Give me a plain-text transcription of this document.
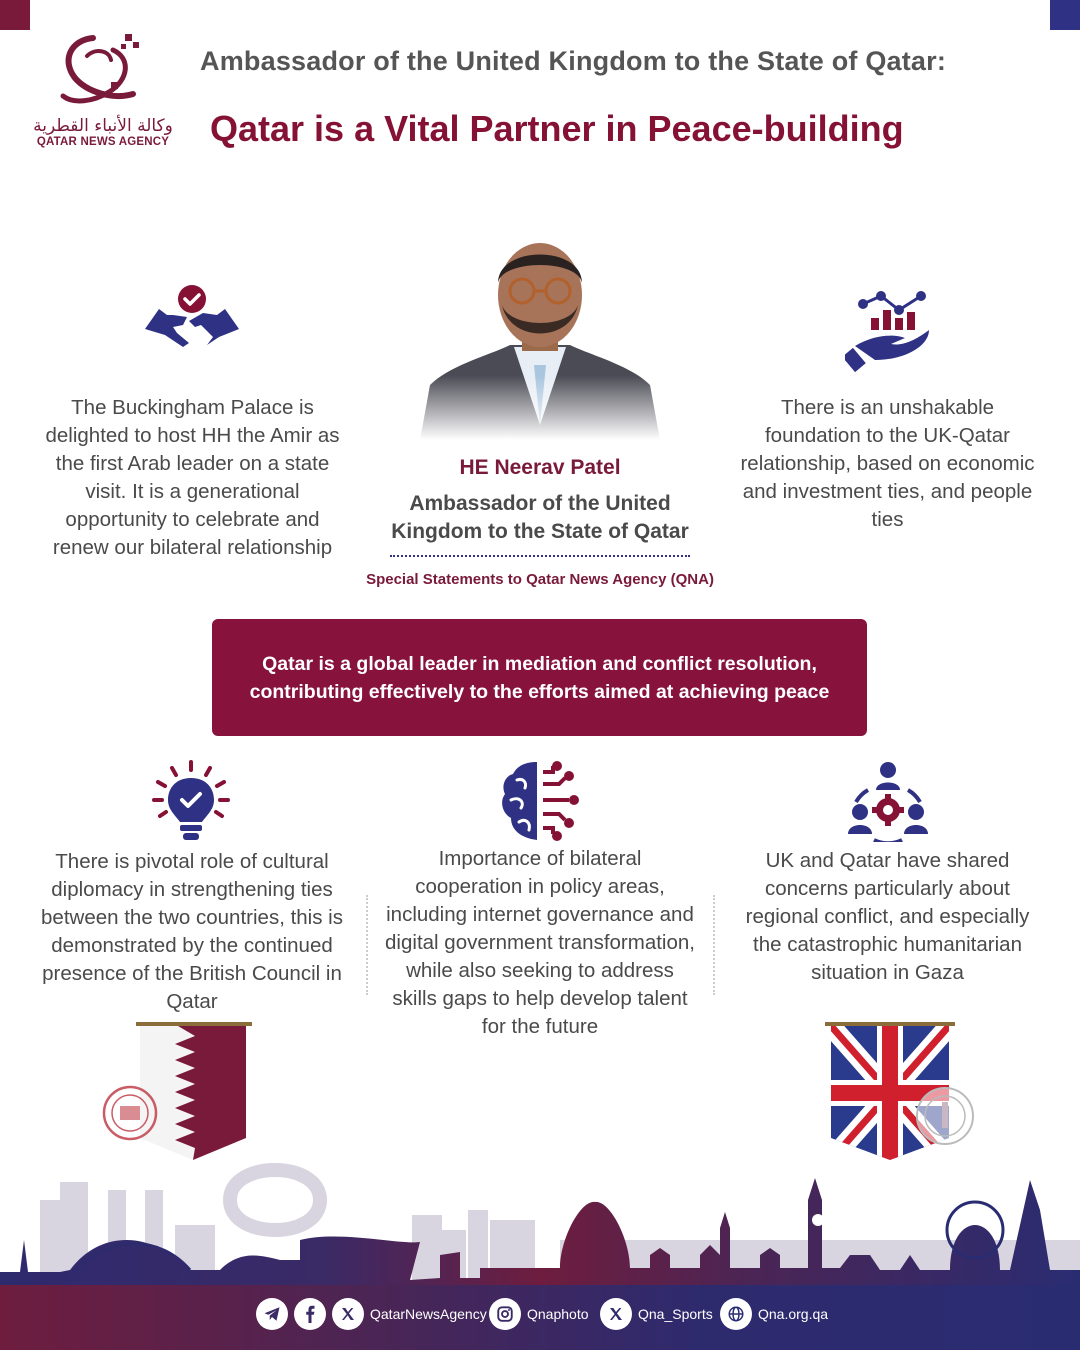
وكالة الأنباء القطرية
QATAR NEWS AGENCY
Ambassador of the United Kingdom to the State of Qatar:
Qatar is a Vital Partner in Peace-building
The Buckingham Palace is delighted to host HH the Amir as the first Arab leader on a state visit. It is a generational opportunity to celebrate and renew our bilateral relationship
There is an unshakable foundation to the UK-Qatar relationship, based on economic and investment ties, and people ties
HE Neerav Patel
Ambassador of the United
Kingdom to the State of Qatar
Special Statements to Qatar News Agency (QNA)
Qatar is a global leader in mediation and conflict resolution, contributing effectively to the efforts aimed at achieving peace
There is pivotal role of cultural diplomacy in strengthening ties between the two countries, this is demonstrated by the continued presence of the British Council in Qatar
Importance of bilateral cooperation in policy areas, including internet governance and digital government transformation, while also seeking to address skills gaps to help develop talent for the future
UK and Qatar have shared concerns particularly about regional conflict, and especially the catastrophic humanitarian situation in Gaza
QatarNewsAgency	Qnaphoto	Qna_Sports	Qna.org.qa
